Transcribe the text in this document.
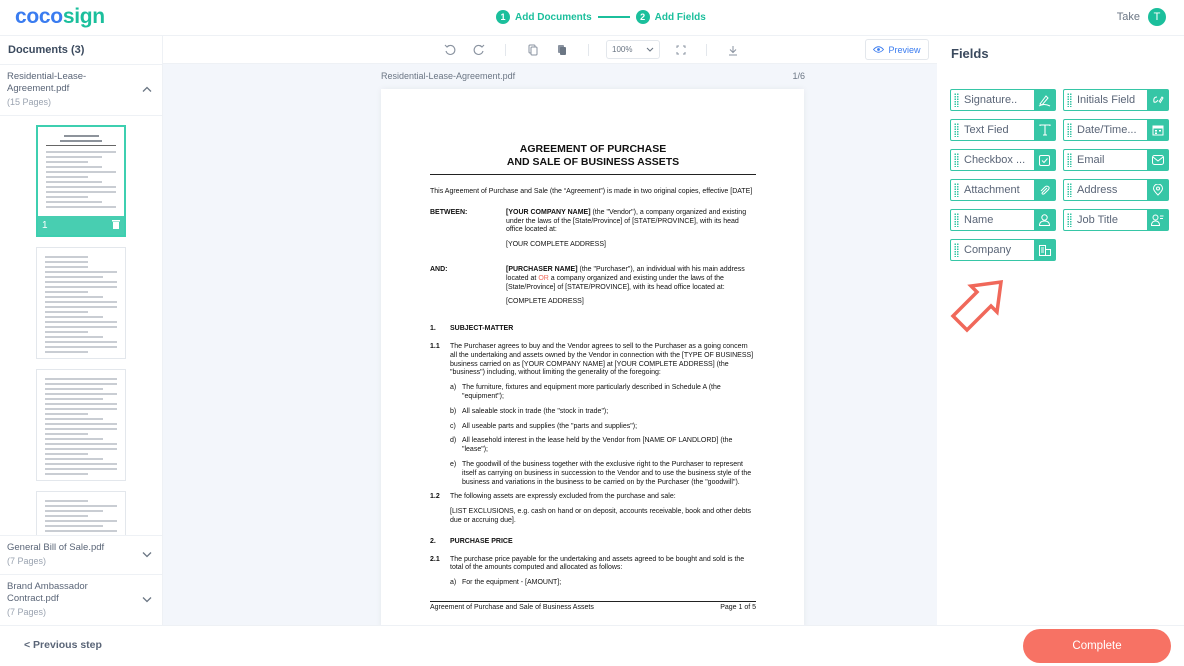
cocosign	1 Add Documents	2 Add Fields	Take	T
Documents (3)
Residential-Lease-Agreement.pdf
(15 Pages)
1
General Bill of Sale.pdf
(7 Pages)
Brand Ambassador Contract.pdf
(7 Pages)
100%	Preview
Residential-Lease-Agreement.pdf	1/6
AGREEMENT OF PURCHASE
AND SALE OF BUSINESS ASSETS

This Agreement of Purchase and Sale (the “Agreement”) is made in two original copies, effective [DATE]

BETWEEN:	[YOUR COMPANY NAME] (the "Vendor"), a company organized and existing under the laws of the [State/Province] of [STATE/PROVINCE], with its head office located at:

[YOUR COMPLETE ADDRESS]

AND:	[PURCHASER NAME] (the "Purchaser"), an individual with his main address located at OR a company organized and existing under the laws of the [State/Province] of [STATE/PROVINCE], with its head office located at:

[COMPLETE ADDRESS]

1.	SUBJECT-MATTER
1.1	The Purchaser agrees to buy and the Vendor agrees to sell to the Purchaser as a going concern all the undertaking and assets owned by the Vendor in connection with the [TYPE OF BUSINESS] business carried on as [YOUR COMPANY NAME] at [YOUR COMPLETE ADDRESS] (the "business") including, without limiting the generality of the foregoing:
a) The furniture, fixtures and equipment more particularly described in Schedule A (the "equipment");
b) All saleable stock in trade (the "stock in trade");
c) All useable parts and supplies (the "parts and supplies");
d) All leasehold interest in the lease held by the Vendor from [NAME OF LANDLORD] (the "lease");
e) The goodwill of the business together with the exclusive right to the Purchaser to represent itself as carrying on business in succession to the Vendor and to use the business style of the business and variations in the business to be carried on by the Purchaser (the "goodwill").
1.2	The following assets are expressly excluded from the purchase and sale:
[LIST EXCLUSIONS, e.g. cash on hand or on deposit, accounts receivable, book and other debts due or accruing due].
2.	PURCHASE PRICE
2.1	The purchase price payable for the undertaking and assets agreed to be bought and sold is the total of the amounts computed and allocated as follows:
a) For the equipment - [AMOUNT];
Agreement of Purchase and Sale of Business Assets	Page 1 of 5
Fields
Signature..	Initials Field
Text Fied	Date/Time...
Checkbox ...	Email
Attachment	Address
Name	Job Title
Company
< Previous step	Complete
